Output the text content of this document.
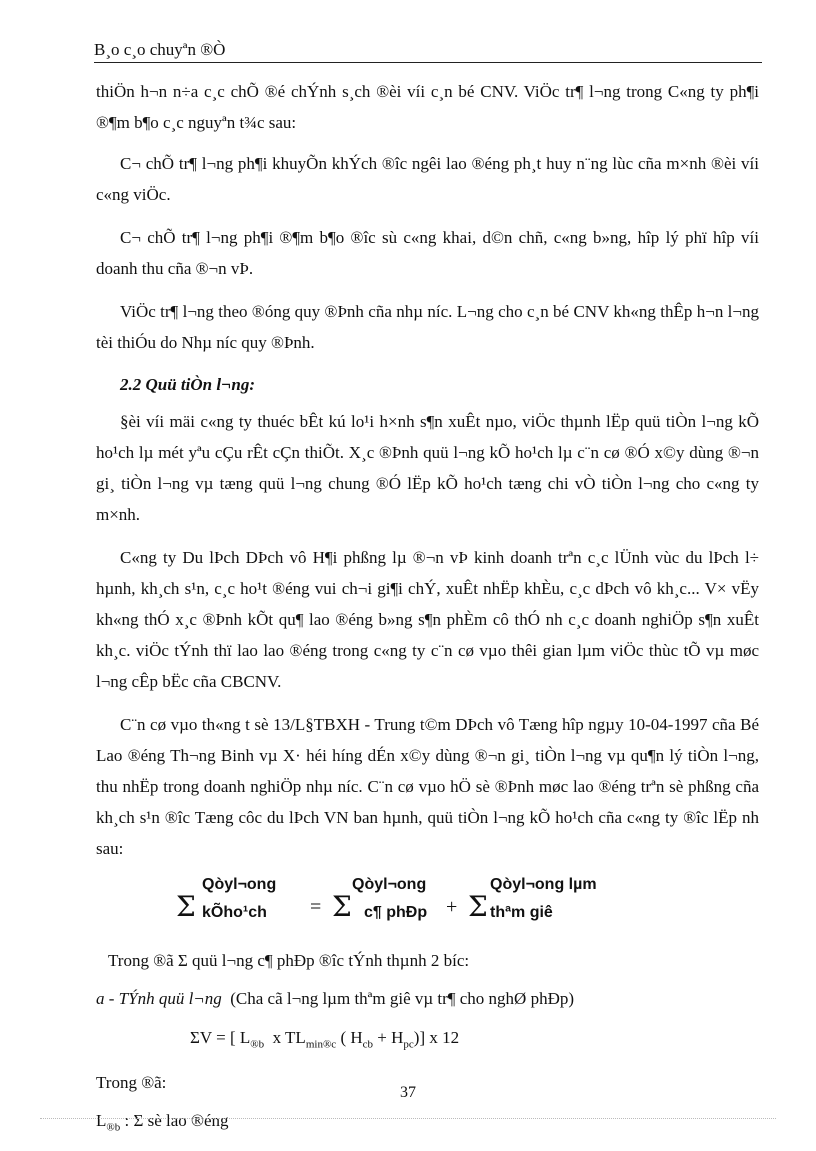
B¸o c¸o chuyªn ®Ò

thiÖn h¬n n÷a c¸c chÕ ®é chÝnh s¸ch ®èi víi c¸n bé CNV. ViÖc tr¶ l¬ng trong C«ng ty ph¶i ®¶m b¶o c¸c nguyªn t¾c sau:

C¬ chÕ tr¶ l¬ng ph¶i khuyÕn khÝch ®îc ngêi lao ®éng ph¸t huy n¨ng lùc cña m×nh ®èi víi c«ng viÖc.

C¬ chÕ tr¶ l¬ng ph¶i ®¶m b¶o ®îc sù c«ng khai, d©n chñ, c«ng b»ng, hîp lý phï hîp víi doanh thu cña ®¬n vÞ.

ViÖc tr¶ l¬ng theo ®óng quy ®Þnh cña nhµ níc. L¬ng cho c¸n bé CNV kh«ng thÊp h¬n l¬ng tèi thiÓu do Nhµ níc quy ®Þnh.

2.2 Quü tiÒn l¬ng:

§èi víi mäi c«ng ty thuéc bÊt kú lo¹i h×nh s¶n xuÊt nµo, viÖc thµnh lËp quü tiÒn l¬ng kÕ ho¹ch lµ mét yªu cÇu rÊt cÇn thiÕt. X¸c ®Þnh quü l¬ng kÕ ho¹ch lµ c¨n cø ®Ó x©y dùng ®¬n gi¸ tiÒn l¬ng vµ tæng quü l¬ng chung ®Ó lËp kÕ ho¹ch tæng chi vÒ tiÒn l¬ng cho c«ng ty m×nh.

C«ng ty Du lÞch DÞch vô H¶i phßng lµ ®¬n vÞ kinh doanh trªn c¸c lÜnh vùc du lÞch l÷ hµnh, kh¸ch s¹n, c¸c ho¹t ®éng vui ch¬i gi¶i chÝ, xuÊt nhËp khÈu, c¸c dÞch vô kh¸c... V× vËy kh«ng thÓ x¸c ®Þnh kÕt qu¶ lao ®éng b»ng s¶n phÈm cô thÓ nh c¸c doanh nghiÖp s¶n xuÊt kh¸c. viÖc tÝnh thï lao lao ®éng trong c«ng ty c¨n cø vµo thêi gian lµm viÖc thùc tÕ vµ møc l¬ng cÊp bËc cña CBCNV.

C¨n cø vµo th«ng t sè 13/L§TBXH - Trung t©m DÞch vô Tæng hîp ngµy 10-04-1997 cña Bé Lao ®éng Th¬ng Binh vµ X· héi híng dÉn x©y dùng ®¬n gi¸ tiÒn l¬ng vµ qu¶n lý tiÒn l¬ng, thu nhËp trong doanh nghiÖp nhµ níc. C¨n cø vµo hÖ sè ®Þnh møc lao ®éng trªn sè phßng cña kh¸ch s¹n ®îc Tæng côc du lÞch VN ban hµnh, quü tiÒn l¬ng kÕ ho¹ch cña c«ng ty ®îc lËp nh sau:

Σ
Qòyl¬ong
kÕho¹ch = Σ
Qòyl¬ong
c¶ phÐp + Σ
Qòyl¬ong lµm
thªm giê

Trong ®ã Σ quü l¬ng c¶ phÐp ®îc tÝnh thµnh 2 bíc:

a - TÝnh quü l¬ng (Cha cã l¬ng lµm thªm giê vµ tr¶ cho nghØ phÐp)

ΣV = [ $L_{®b}$ x $TL_{min®c}$ ( $H_{cb} + H_{pc}$)] x 12

Trong ®ã:

$L_{®b}$ : Σ sè lao ®éng

37
